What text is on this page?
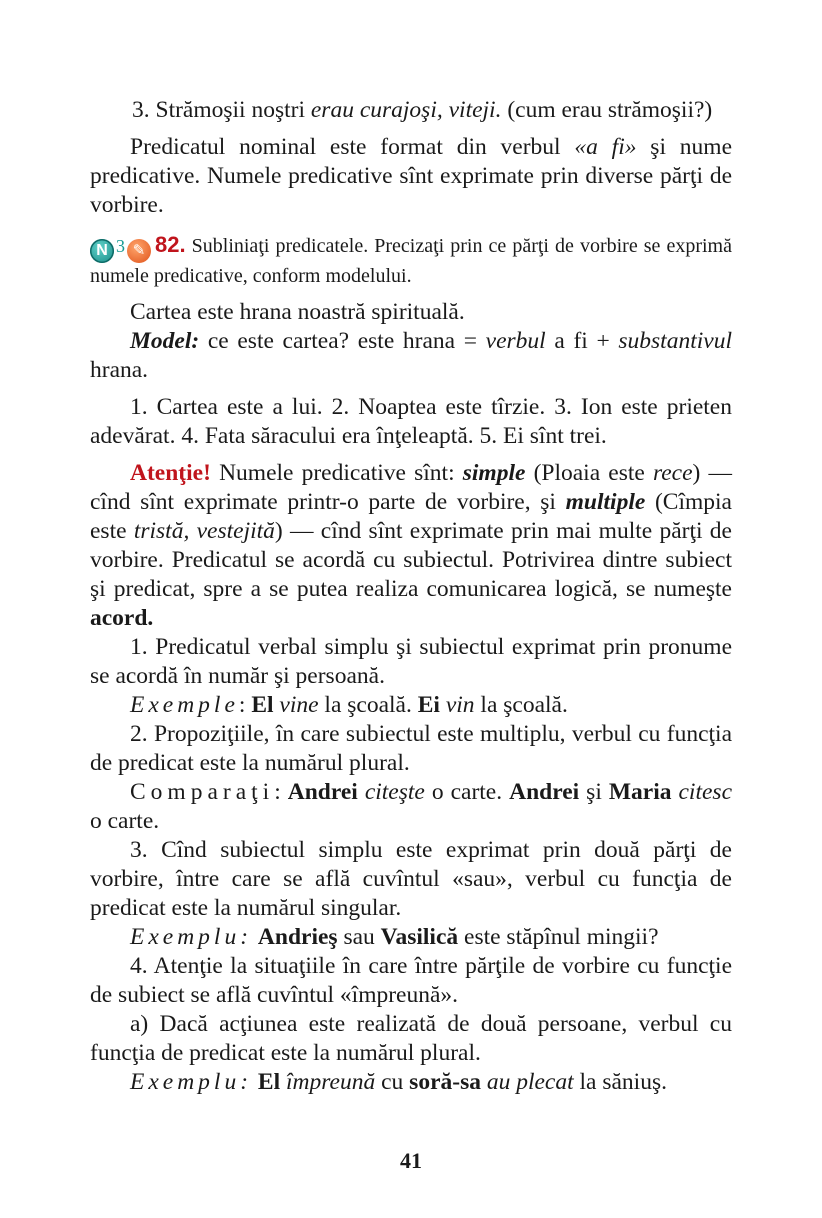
3. Strămoşii noştri erau curajoşi, viteji. (cum erau strămoşii?)

Predicatul nominal este format din verbul «a fi» şi nume predicative. Numele predicative sînt exprimate prin diverse părţi de vorbire.

N 3 ✎ 82. Subliniaţi predicatele. Precizaţi prin ce părţi de vorbire se exprimă numele predicative, conform modelului.

Cartea este hrana noastră spirituală.

Model: ce este cartea? este hrana = verbul a fi + substantivul hrana.

1. Cartea este a lui. 2. Noaptea este tîrzie. 3. Ion este prieten adevărat. 4. Fata săracului era înţeleaptă. 5. Ei sînt trei.

Atenţie! Numele predicative sînt: simple (Ploaia este rece) — cînd sînt exprimate printr-o parte de vorbire, şi multiple (Cîmpia este tristă, vestejită) — cînd sînt exprimate prin mai multe părţi de vorbire. Predicatul se acordă cu subiectul. Potrivirea dintre subiect şi predicat, spre a se putea realiza comunicarea logică, se numeşte acord.

1. Predicatul verbal simplu şi subiectul exprimat prin pronume se acordă în număr şi persoană.

Exemple: El vine la şcoală. Ei vin la şcoală.

2. Propoziţiile, în care subiectul este multiplu, verbul cu funcţia de predicat este la numărul plural.

Comparaţi: Andrei citeşte o carte. Andrei şi Maria citesc o carte.

3. Cînd subiectul simplu este exprimat prin două părţi de vorbire, între care se află cuvîntul «sau», verbul cu funcţia de predicat este la numărul singular.

Exemplu: Andrieş sau Vasilică este stăpînul mingii?

4. Atenţie la situaţiile în care între părţile de vorbire cu funcţie de subiect se află cuvîntul «împreună».

a) Dacă acţiunea este realizată de două persoane, verbul cu funcţia de predicat este la numărul plural.

Exemplu: El împreună cu soră-sa au plecat la săniuş.

41
